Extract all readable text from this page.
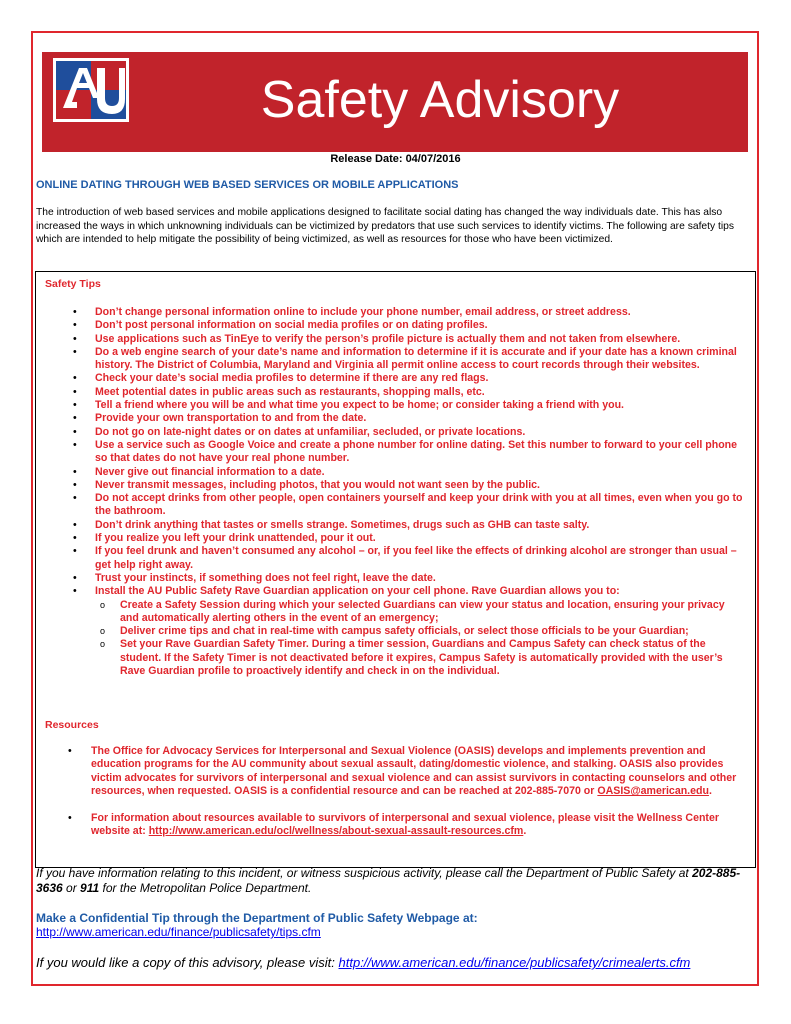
Safety Advisory
Release Date: 04/07/2016
ONLINE DATING THROUGH WEB BASED SERVICES OR MOBILE APPLICATIONS
The introduction of web based services and mobile applications designed to facilitate social dating has changed the way individuals date. This has also increased the ways in which unknowning individuals can be victimized by predators that use such services to identify victims. The following are safety tips which are intended to help mitigate the possibility of being victimized, as well as resources for those who have been victimized.
Safety Tips
• Don’t change personal information online to include your phone number, email address, or street address.
• Don’t post personal information on social media profiles or on dating profiles.
• Use applications such as TinEye to verify the person’s profile picture is actually them and not taken from elsewhere.
• Do a web engine search of your date’s name and information to determine if it is accurate and if your date has a known criminal history. The District of Columbia, Maryland and Virginia all permit online access to court records through their websites.
• Check your date’s social media profiles to determine if there are any red flags.
• Meet potential dates in public areas such as restaurants, shopping malls, etc.
• Tell a friend where you will be and what time you expect to be home; or consider taking a friend with you.
• Provide your own transportation to and from the date.
• Do not go on late-night dates or on dates at unfamiliar, secluded, or private locations.
• Use a service such as Google Voice and create a phone number for online dating. Set this number to forward to your cell phone so that dates do not have your real phone number.
• Never give out financial information to a date.
• Never transmit messages, including photos, that you would not want seen by the public.
• Do not accept drinks from other people, open containers yourself and keep your drink with you at all times, even when you go to the bathroom.
• Don’t drink anything that tastes or smells strange. Sometimes, drugs such as GHB can taste salty.
• If you realize you left your drink unattended, pour it out.
• If you feel drunk and haven’t consumed any alcohol – or, if you feel like the effects of drinking alcohol are stronger than usual – get help right away.
• Trust your instincts, if something does not feel right, leave the date.
• Install the AU Public Safety Rave Guardian application on your cell phone. Rave Guardian allows you to:
o Create a Safety Session during which your selected Guardians can view your status and location, ensuring your privacy and automatically alerting others in the event of an emergency;
o Deliver crime tips and chat in real-time with campus safety officials, or select those officials to be your Guardian;
o Set your Rave Guardian Safety Timer. During a timer session, Guardians and Campus Safety can check status of the student. If the Safety Timer is not deactivated before it expires, Campus Safety is automatically provided with the user’s Rave Guardian profile to proactively identify and check in on the individual.
Resources
• The Office for Advocacy Services for Interpersonal and Sexual Violence (OASIS) develops and implements prevention and education programs for the AU community about sexual assault, dating/domestic violence, and stalking. OASIS also provides victim advocates for survivors of interpersonal and sexual violence and can assist survivors in contacting counselors and other resources, when requested. OASIS is a confidential resource and can be reached at 202-885-7070 or OASIS@american.edu.
• For information about resources available to survivors of interpersonal and sexual violence, please visit the Wellness Center website at: http://www.american.edu/ocl/wellness/about-sexual-assault-resources.cfm.
If you have information relating to this incident, or witness suspicious activity, please call the Department of Public Safety at 202-885-3636 or 911 for the Metropolitan Police Department.
Make a Confidential Tip through the Department of Public Safety Webpage at:
http://www.american.edu/finance/publicsafety/tips.cfm
If you would like a copy of this advisory, please visit: http://www.american.edu/finance/publicsafety/crimealerts.cfm
